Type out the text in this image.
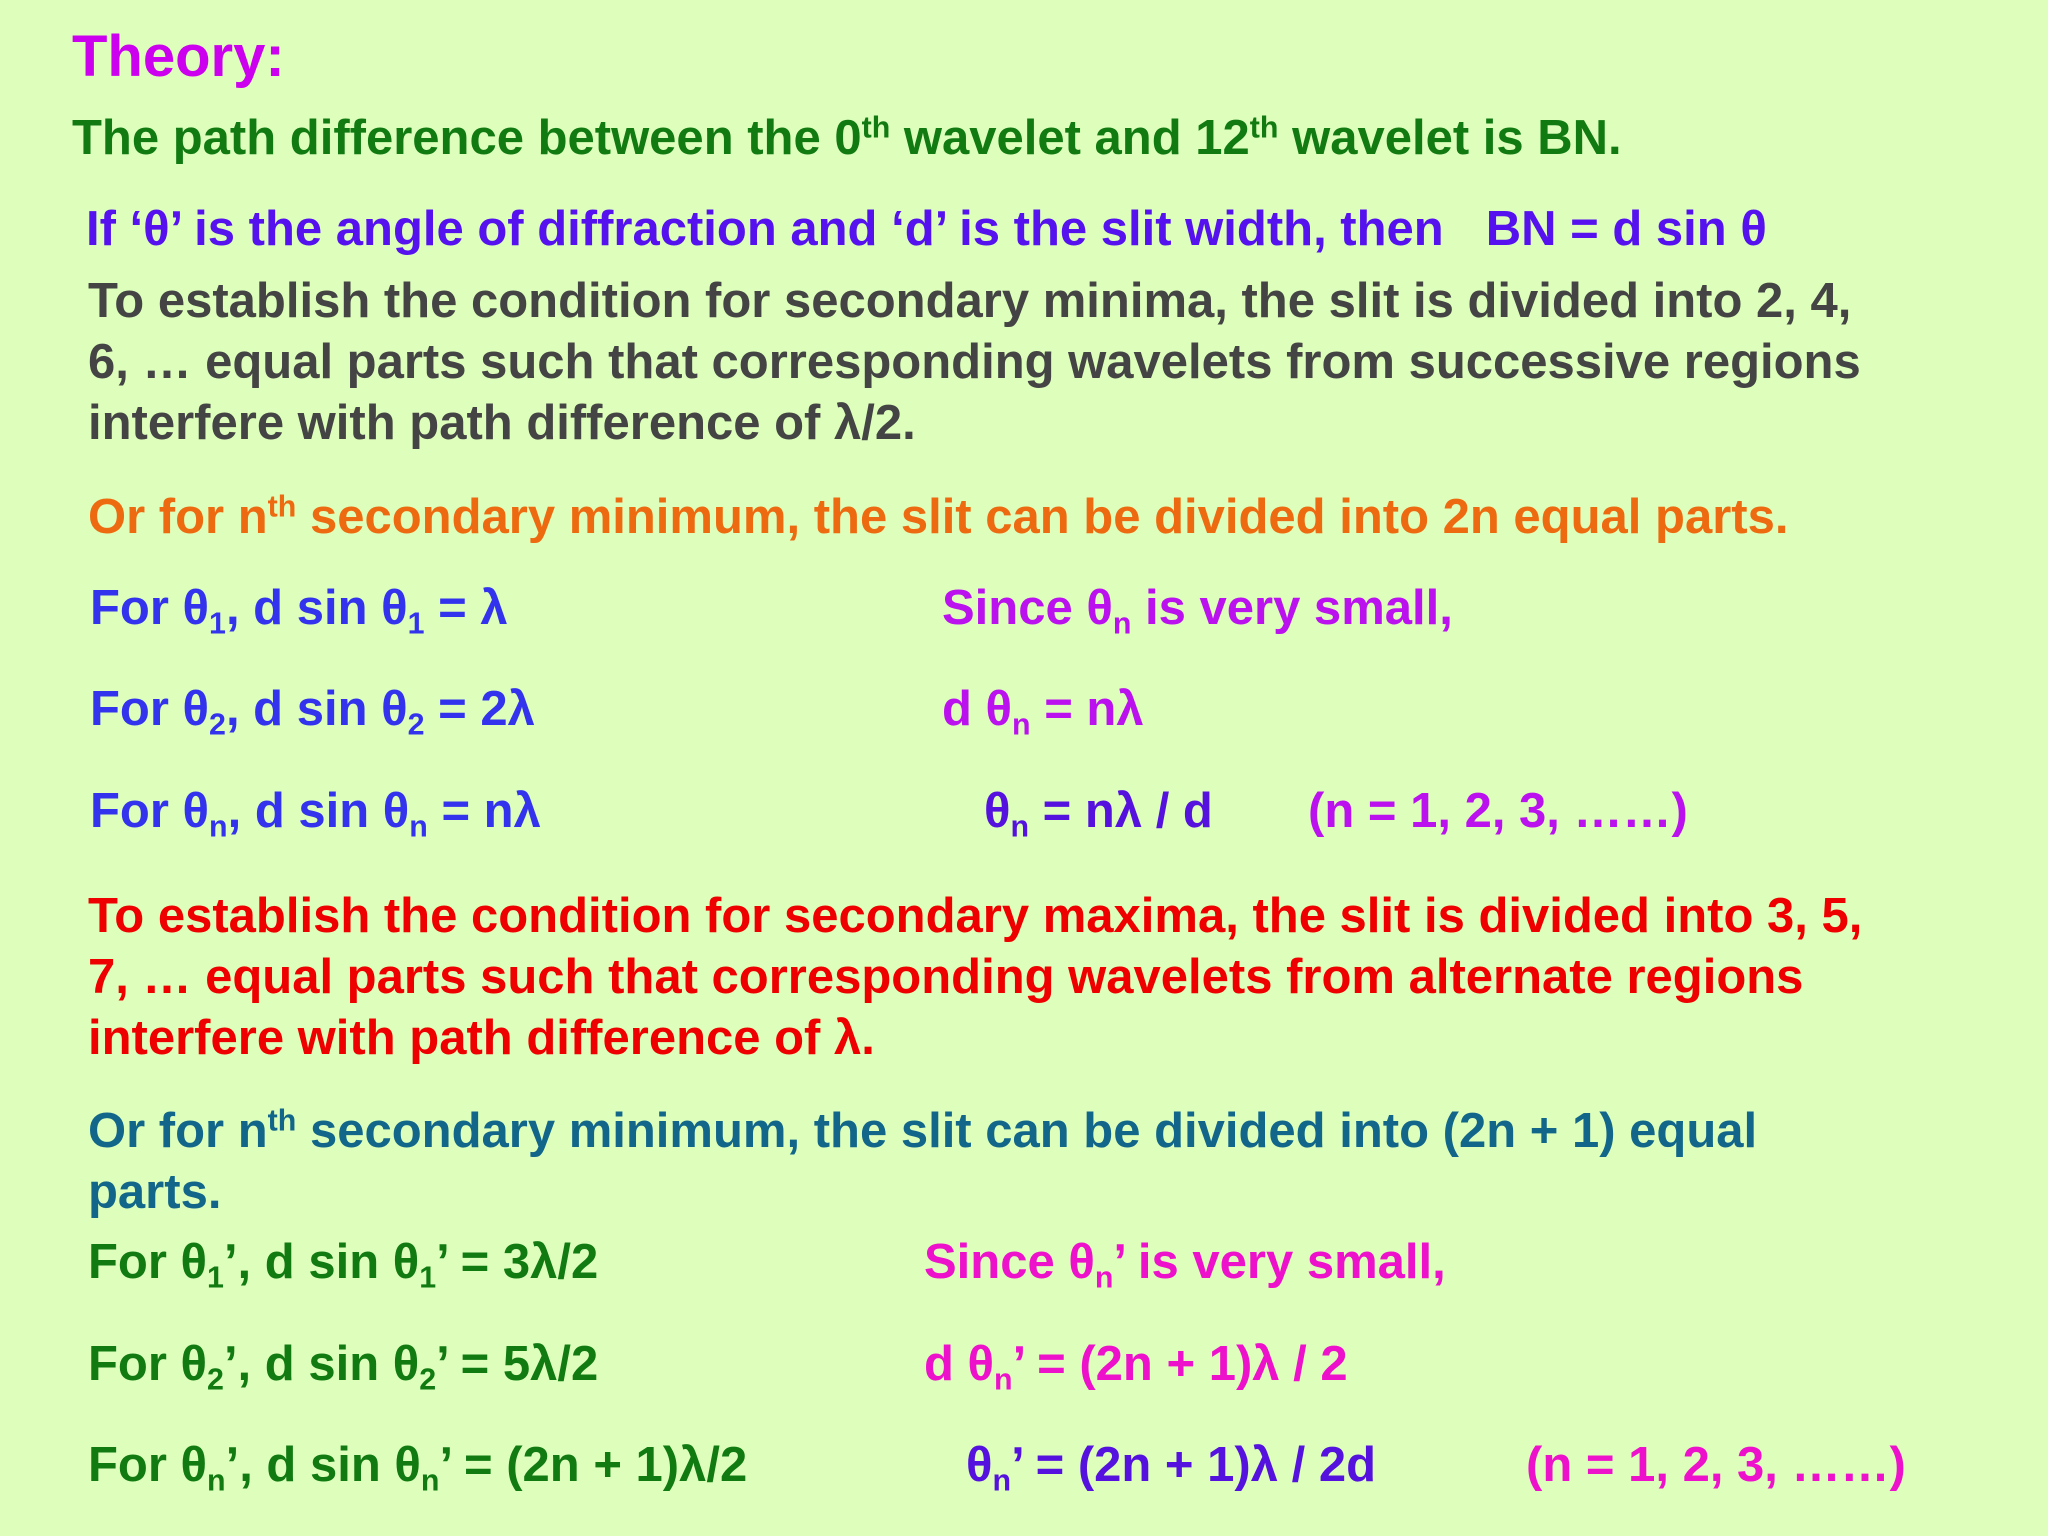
Theory:
The path difference between the 0th wavelet and 12th wavelet is BN.
If ‘θ’ is the angle of diffraction and ‘d’ is the slit width, then BN = d sin θ
To establish the condition for secondary minima, the slit is divided into 2, 4,
6, … equal parts such that corresponding wavelets from successive regions
interfere with path difference of λ/2.
Or for $n^{th}$ secondary minimum, the slit can be divided into 2n equal parts.
For $\theta_1$, d $\sin \theta_1 = \lambda$
For $\theta_2$, d $\sin \theta_2 = 2\lambda$
For $\theta_n$, d $\sin \theta_n = n\lambda$
Since $\theta_n$ is very small,
d $\theta_n = n\lambda$
$\theta_n = n\lambda / d$ (n = 1, 2, 3, ……)
To establish the condition for secondary maxima, the slit is divided into 3, 5,
7, … equal parts such that corresponding wavelets from alternate regions
interfere with path difference of λ.
Or for $n^{th}$ secondary minimum, the slit can be divided into (2n + 1) equal
parts.
For $\theta_1$’, d $\sin \theta_1$’ = 3λ/2
For $\theta_2$’, d $\sin \theta_2$’ = 5λ/2
For $\theta_n$’, d $\sin \theta_n$’ = (2n + 1)λ/2
Since $\theta_n$’ is very small,
d $\theta_n$’ = (2n + 1)λ / 2
$\theta_n$’ = (2n + 1)λ / 2d	(n = 1, 2, 3, ……)
